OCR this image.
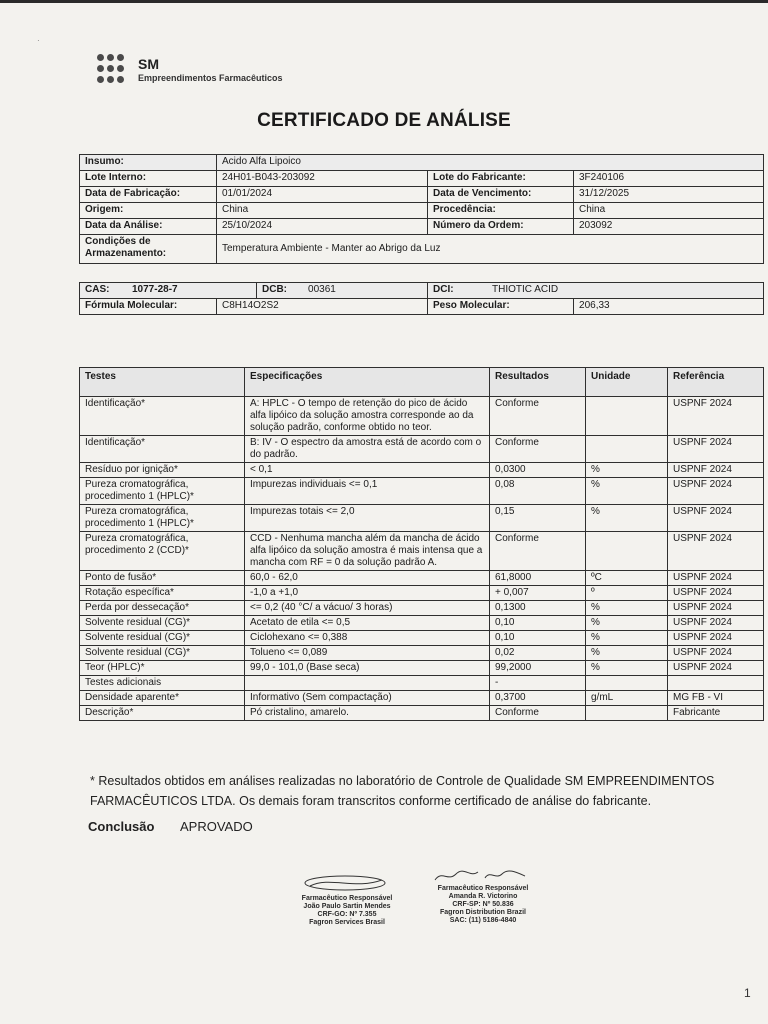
·
SM
Empreendimentos Farmacêuticos
CERTIFICADO DE ANÁLISE
Insumo:	Acido Alfa Lipoico		
Lote Interno:	24H01-B043-203092	Lote do Fabricante:	3F240106
Data de Fabricação:	01/01/2024	Data de Vencimento:	31/12/2025
Origem:	China	Procedência:	China
Data da Análise:	25/10/2024	Número da Ordem:	203092
Condições de Armazenamento:	Temperatura Ambiente - Manter ao Abrigo da Luz		
CAS: 1077-28-7		DCB: 00361	DCI: THIOTIC ACID	

Fórmula Molecular:	C8H14O2S2		Peso Molecular:	206,33
Testes	Especificações	Resultados	Unidade	Referência
Identificação*	A: HPLC - O tempo de retenção do pico de ácido alfa lipóico da solução amostra corresponde ao da solução padrão, conforme obtido no teor.	Conforme		USPNF 2024
Identificação*	B: IV - O espectro da amostra está de acordo com o do padrão.	Conforme		USPNF 2024
Resíduo por ignição*	< 0,1	0,0300	%	USPNF 2024
Pureza cromatográfica, procedimento 1 (HPLC)*	Impurezas individuais <= 0,1	0,08	%	USPNF 2024
Pureza cromatográfica, procedimento 1 (HPLC)*	Impurezas totais <= 2,0	0,15	%	USPNF 2024
Pureza cromatográfica, procedimento 2 (CCD)*	CCD - Nenhuma mancha além da mancha de ácido alfa lipóico da solução amostra é mais intensa que a mancha com RF = 0 da solução padrão A.	Conforme		USPNF 2024
Ponto de fusão*	60,0 - 62,0	61,8000	ºC	USPNF 2024
Rotação específica*	-1,0 a +1,0	+ 0,007	º	USPNF 2024
Perda por dessecação*	<= 0,2 (40 °C/ a vácuo/ 3 horas)	0,1300	%	USPNF 2024
Solvente residual (CG)*	Acetato de etila <= 0,5	0,10	%	USPNF 2024
Solvente residual (CG)*	Ciclohexano <= 0,388	0,10	%	USPNF 2024
Solvente residual (CG)*	Tolueno <= 0,089	0,02	%	USPNF 2024
Teor (HPLC)*	99,0 - 101,0 (Base seca)	99,2000	%	USPNF 2024
Testes adicionais		-		
Densidade aparente*	Informativo (Sem compactação)	0,3700	g/mL	MG FB - VI
Descrição*	Pó cristalino, amarelo.	Conforme		Fabricante
* Resultados obtidos em análises realizadas no laboratório de Controle de Qualidade SM EMPREENDIMENTOS FARMACÊUTICOS LTDA. Os demais foram transcritos conforme certificado de análise do fabricante.
Conclusão APROVADO
Farmacêutico Responsável
João Paulo Sartin Mendes
CRF-GO: Nº 7.355
Fagron Services Brasil
Farmacêutico Responsável
Amanda R. Victorino
CRF-SP: Nº 50.836
Fagron Distribution Brazil
SAC: (11) 5186-4840
1
